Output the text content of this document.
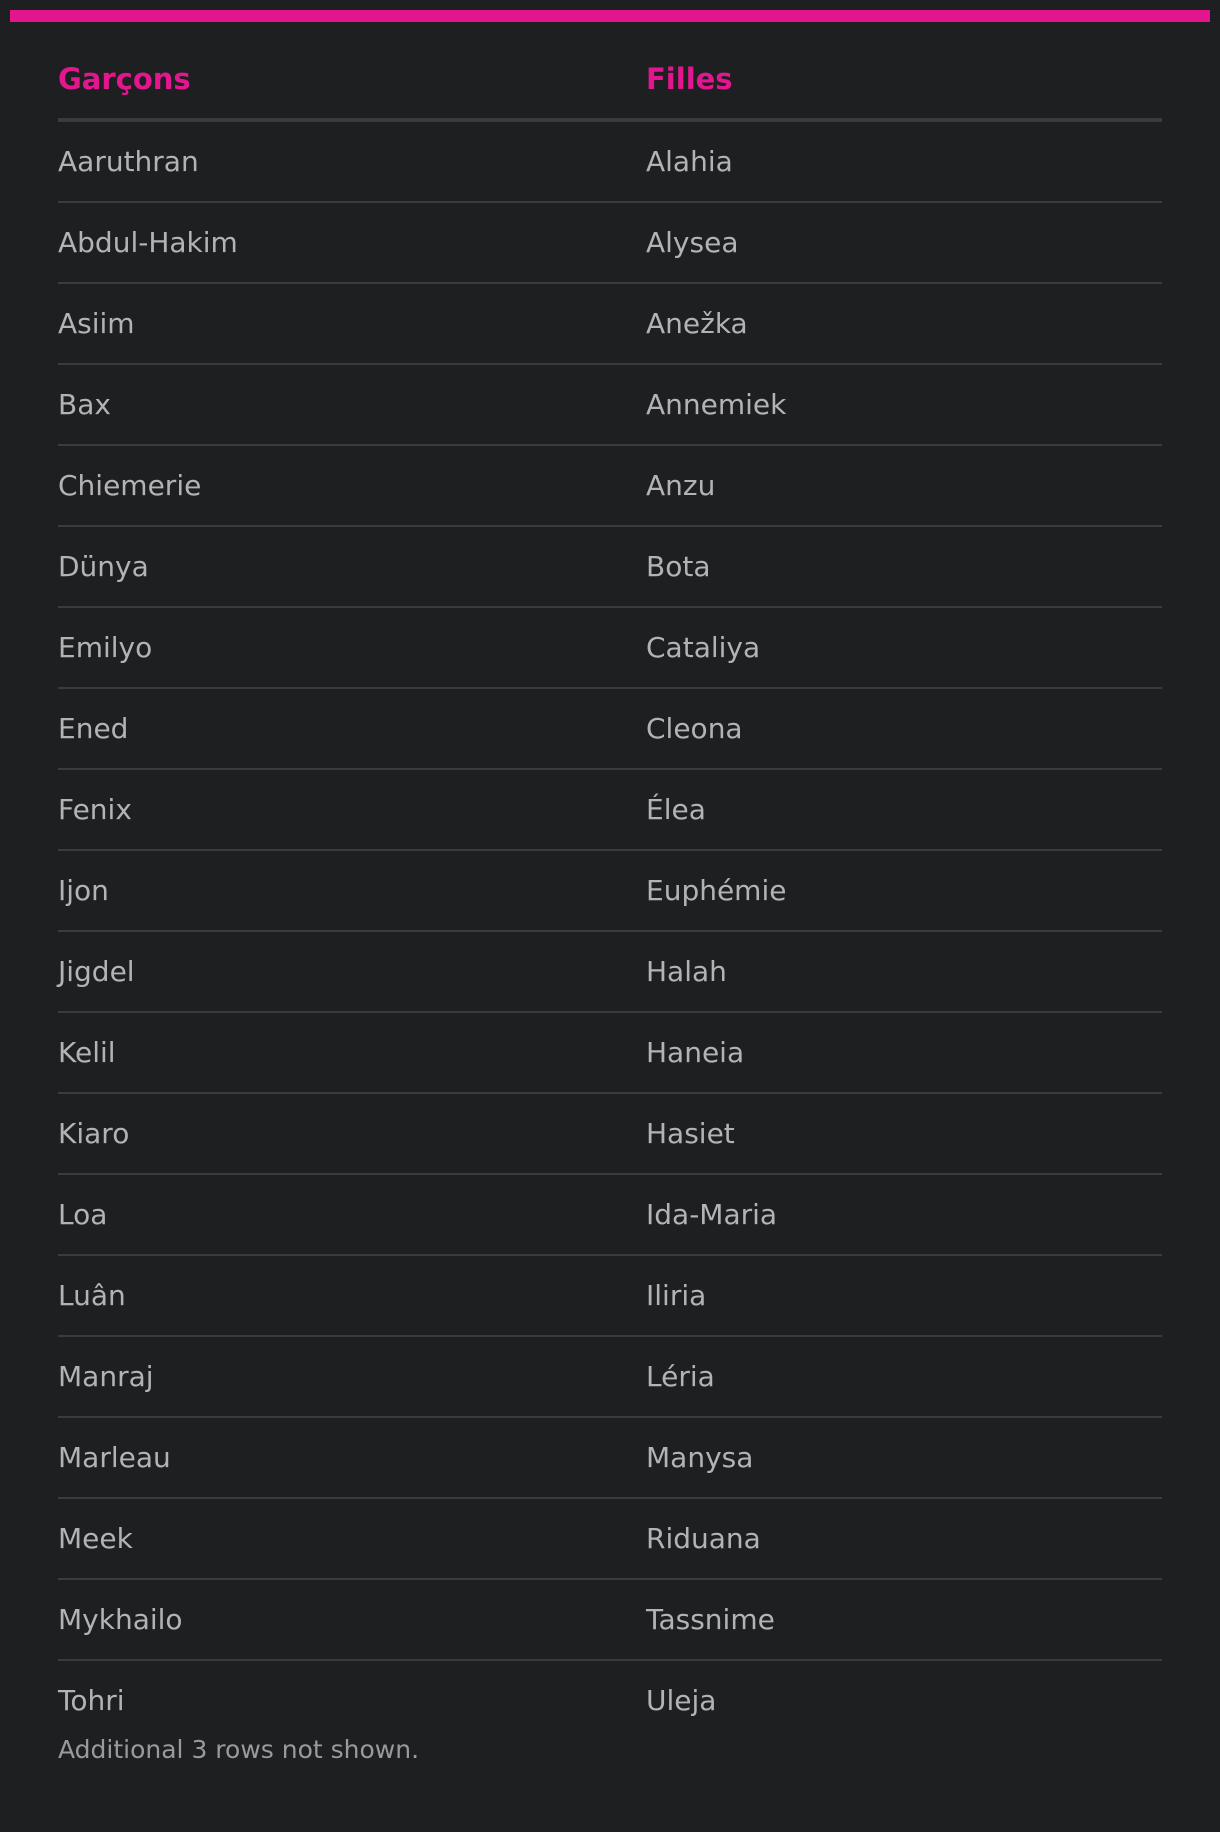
Garçons	Filles
Aaruthran	Alahia
Abdul-Hakim	Alysea
Asiim	Anežka
Bax	Annemiek
Chiemerie	Anzu
Dünya	Bota
Emilyo	Cataliya
Ened	Cleona
Fenix	Élea
Ijon	Euphémie
Jigdel	Halah
Kelil	Haneia
Kiaro	Hasiet
Loa	Ida-Maria
Luân	Iliria
Manraj	Léria
Marleau	Manysa
Meek	Riduana
Mykhailo	Tassnime
Tohri	Uleja
Additional 3 rows not shown.
